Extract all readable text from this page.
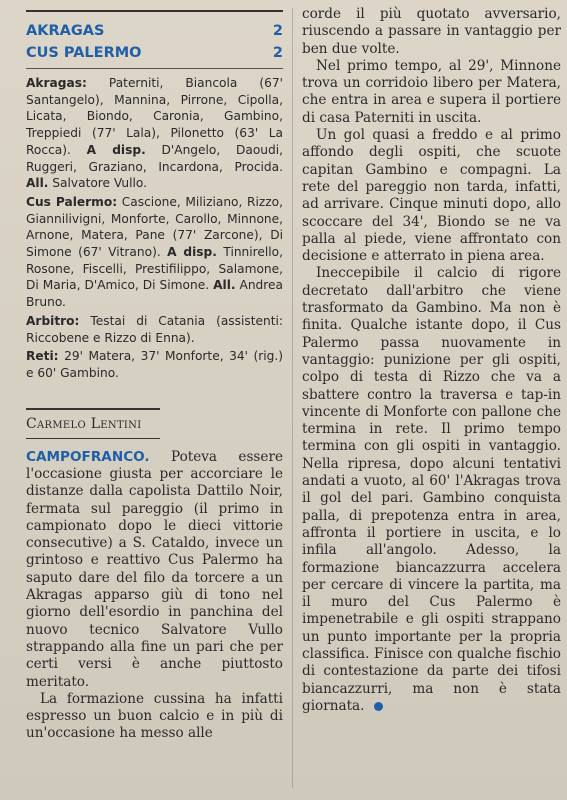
AKRAGAS	2
CUS PALERMO	2

Akragas: Paterniti, Biancola (67' Santangelo), Mannina, Pirrone, Cipolla, Licata, Biondo, Caronia, Gambino, Treppiedi (77' Lala), Pilonetto (63' La Rocca). A disp. D'Angelo, Daoudi, Ruggeri, Graziano, Incardona, Procida. All. Salvatore Vullo.

Cus Palermo: Cascione, Miliziano, Rizzo, Giannilivigni, Monforte, Carollo, Minnone, Arnone, Matera, Pane (77' Zarcone), Di Simone (67' Vitrano). A disp. Tinnirello, Rosone, Fiscelli, Prestifilippo, Salamone, Di Maria, D'Amico, Di Simone. All. Andrea Bruno.

Arbitro: Testai di Catania (assistenti: Riccobene e Rizzo di Enna).

Reti: 29' Matera, 37' Monforte, 34' (rig.) e 60' Gambino.

Carmelo Lentini

CAMPOFRANCO. Poteva essere l'occasione giusta per accorciare le distanze dalla capolista Dattilo Noir, fermata sul pareggio (il primo in campionato dopo le dieci vittorie consecutive) a S. Cataldo, invece un grintoso e reattivo Cus Palermo ha saputo dare del filo da torcere a un Akragas apparso giù di tono nel giorno dell'esordio in panchina del nuovo tecnico Salvatore Vullo strappando alla fine un pari che per certi versi è anche piuttosto meritato.

La formazione cussina ha infatti espresso un buon calcio e in più di un'occasione ha messo alle

corde il più quotato avversario, riuscendo a passare in vantaggio per ben due volte.

Nel primo tempo, al 29', Minnone trova un corridoio libero per Matera, che entra in area e supera il portiere di casa Paterniti in uscita.

Un gol quasi a freddo e al primo affondo degli ospiti, che scuote capitan Gambino e compagni. La rete del pareggio non tarda, infatti, ad arrivare. Cinque minuti dopo, allo scoccare del 34', Biondo se ne va palla al piede, viene affrontato con decisione e atterrato in piena area.

Ineccepibile il calcio di rigore decretato dall'arbitro che viene trasformato da Gambino. Ma non è finita. Qualche istante dopo, il Cus Palermo passa nuovamente in vantaggio: punizione per gli ospiti, colpo di testa di Rizzo che va a sbattere contro la traversa e tap-in vincente di Monforte con pallone che termina in rete. Il primo tempo termina con gli ospiti in vantaggio. Nella ripresa, dopo alcuni tentativi andati a vuoto, al 60' l'Akragas trova il gol del pari. Gambino conquista palla, di prepotenza entra in area, affronta il portiere in uscita, e lo infila all'angolo. Adesso, la formazione biancazzurra accelera per cercare di vincere la partita, ma il muro del Cus Palermo è impenetrabile e gli ospiti strappano un punto importante per la propria classifica. Finisce con qualche fischio di contestazione da parte dei tifosi biancazzurri, ma non è stata giornata.
